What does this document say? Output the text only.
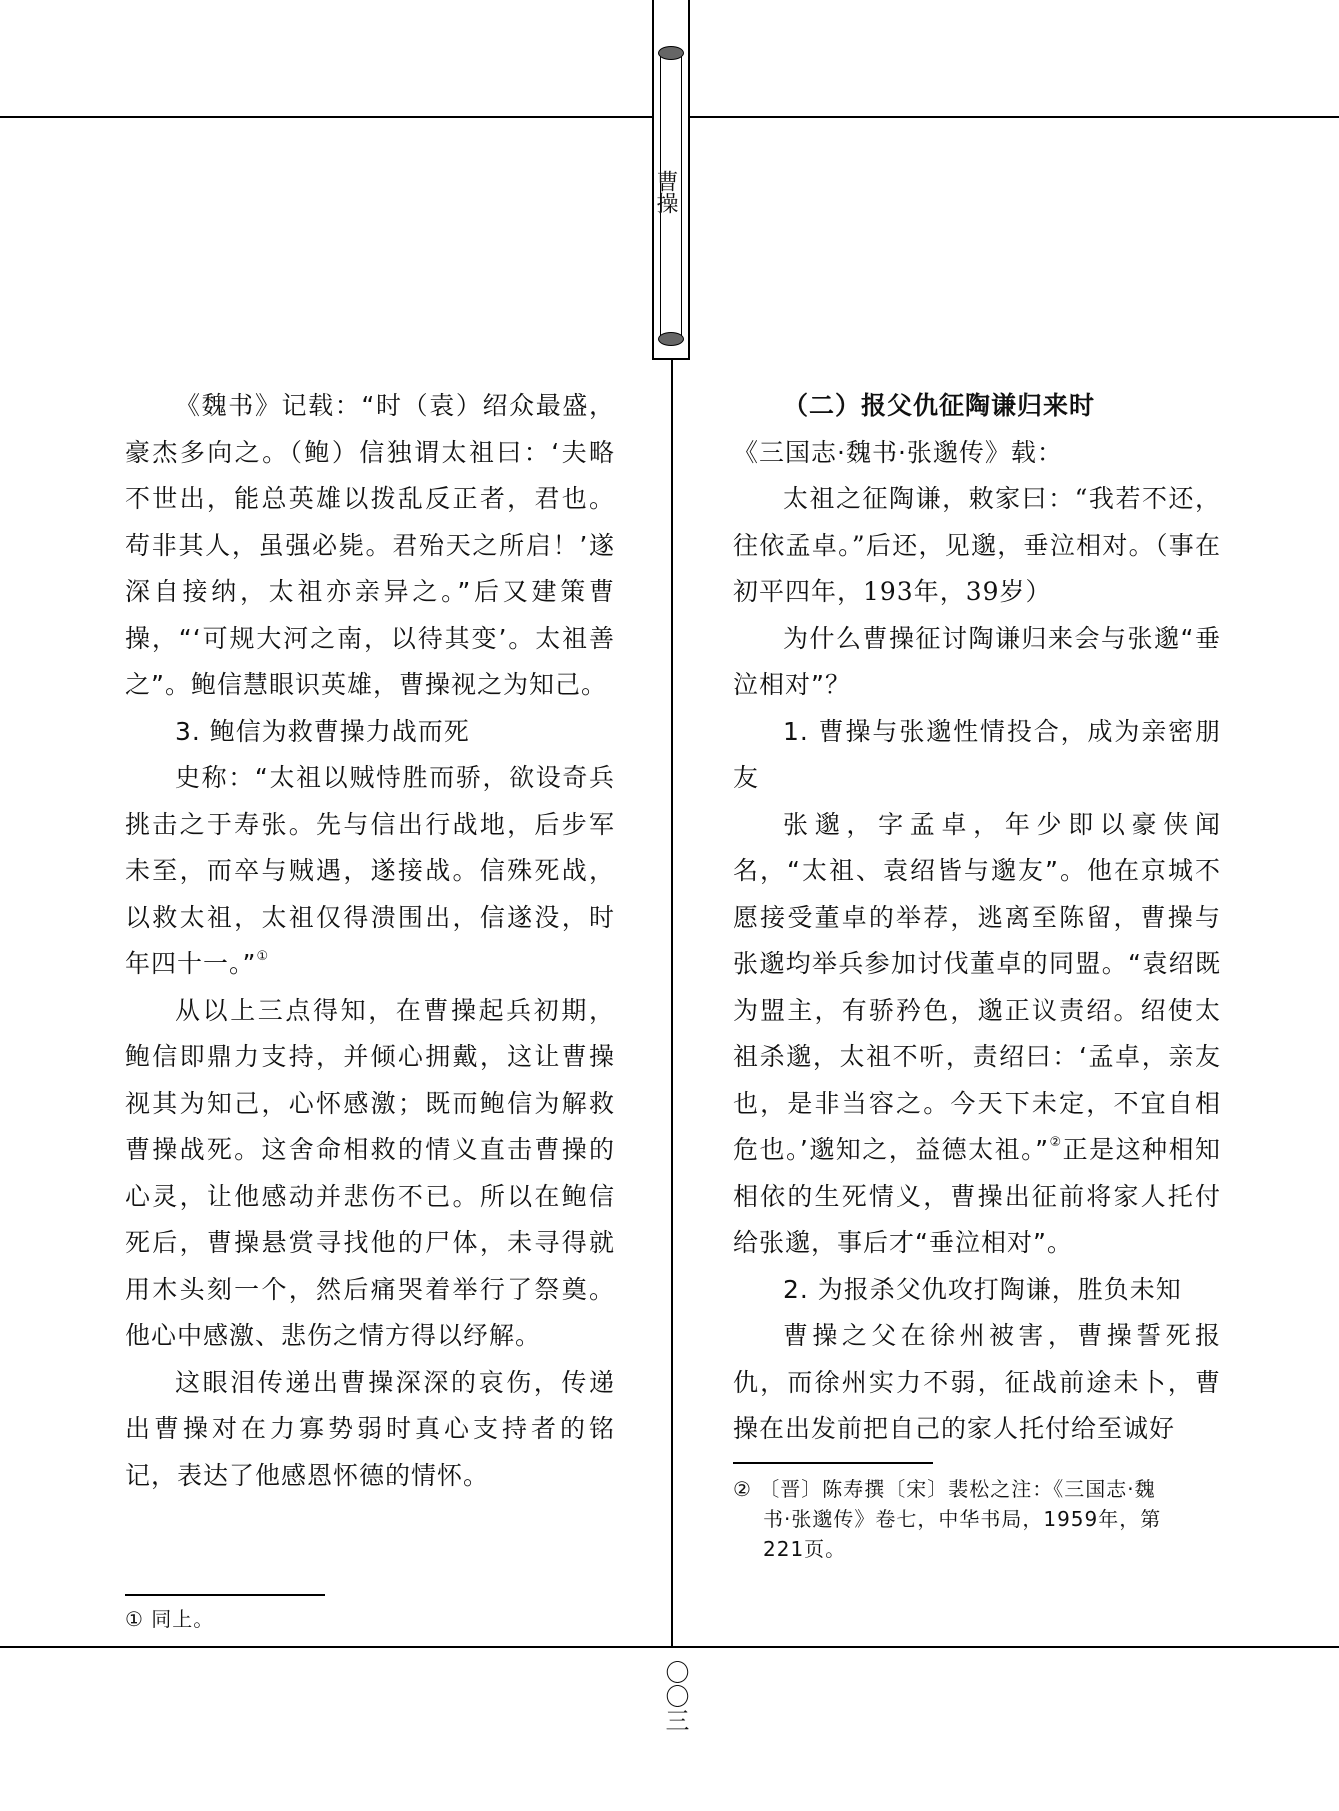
曹操

《魏书》记载：“时（袁）绍众最盛，豪杰多向之。（鲍）信独谓太祖曰：‘夫略不世出，能总英雄以拨乱反正者，君也。苟非其人，虽强必毙。君殆天之所启！’遂深自接纳，太祖亦亲异之。”后又建策曹操，“‘可规大河之南，以待其变’。太祖善之”。鲍信慧眼识英雄，曹操视之为知己。

3. 鲍信为救曹操力战而死

史称：“太祖以贼恃胜而骄，欲设奇兵挑击之于寿张。先与信出行战地，后步军未至，而卒与贼遇，遂接战。信殊死战，以救太祖，太祖仅得溃围出，信遂没，时年四十一。”①

从以上三点得知，在曹操起兵初期，鲍信即鼎力支持，并倾心拥戴，这让曹操视其为知己，心怀感激；既而鲍信为解救曹操战死。这舍命相救的情义直击曹操的心灵，让他感动并悲伤不已。所以在鲍信死后，曹操悬赏寻找他的尸体，未寻得就用木头刻一个，然后痛哭着举行了祭奠。他心中感激、悲伤之情方得以纾解。

这眼泪传递出曹操深深的哀伤，传递出曹操对在力寡势弱时真心支持者的铭记，表达了他感恩怀德的情怀。

① 同上。

（二）报父仇征陶谦归来时

《三国志·魏书·张邈传》载：

太祖之征陶谦，敕家曰：“我若不还，往依孟卓。”后还，见邈，垂泣相对。（事在初平四年，193年，39岁）

为什么曹操征讨陶谦归来会与张邈“垂泣相对”？

1. 曹操与张邈性情投合，成为亲密朋友

张邈，字孟卓，年少即以豪侠闻名，“太祖、袁绍皆与邈友”。他在京城不愿接受董卓的举荐，逃离至陈留，曹操与张邈均举兵参加讨伐董卓的同盟。“袁绍既为盟主，有骄矜色，邈正议责绍。绍使太祖杀邈，太祖不听，责绍曰：‘孟卓，亲友也，是非当容之。今天下未定，不宜自相危也。’邈知之，益德太祖。”②正是这种相知相依的生死情义，曹操出征前将家人托付给张邈，事后才“垂泣相对”。

2. 为报杀父仇攻打陶谦，胜负未知

曹操之父在徐州被害，曹操誓死报仇，而徐州实力不弱，征战前途未卜，曹操在出发前把自己的家人托付给至诚好

② 〔晋〕陈寿撰〔宋〕裴松之注：《三国志·魏
书·张邈传》卷七，中华书局，1959年，第
221页。
〇〇三
